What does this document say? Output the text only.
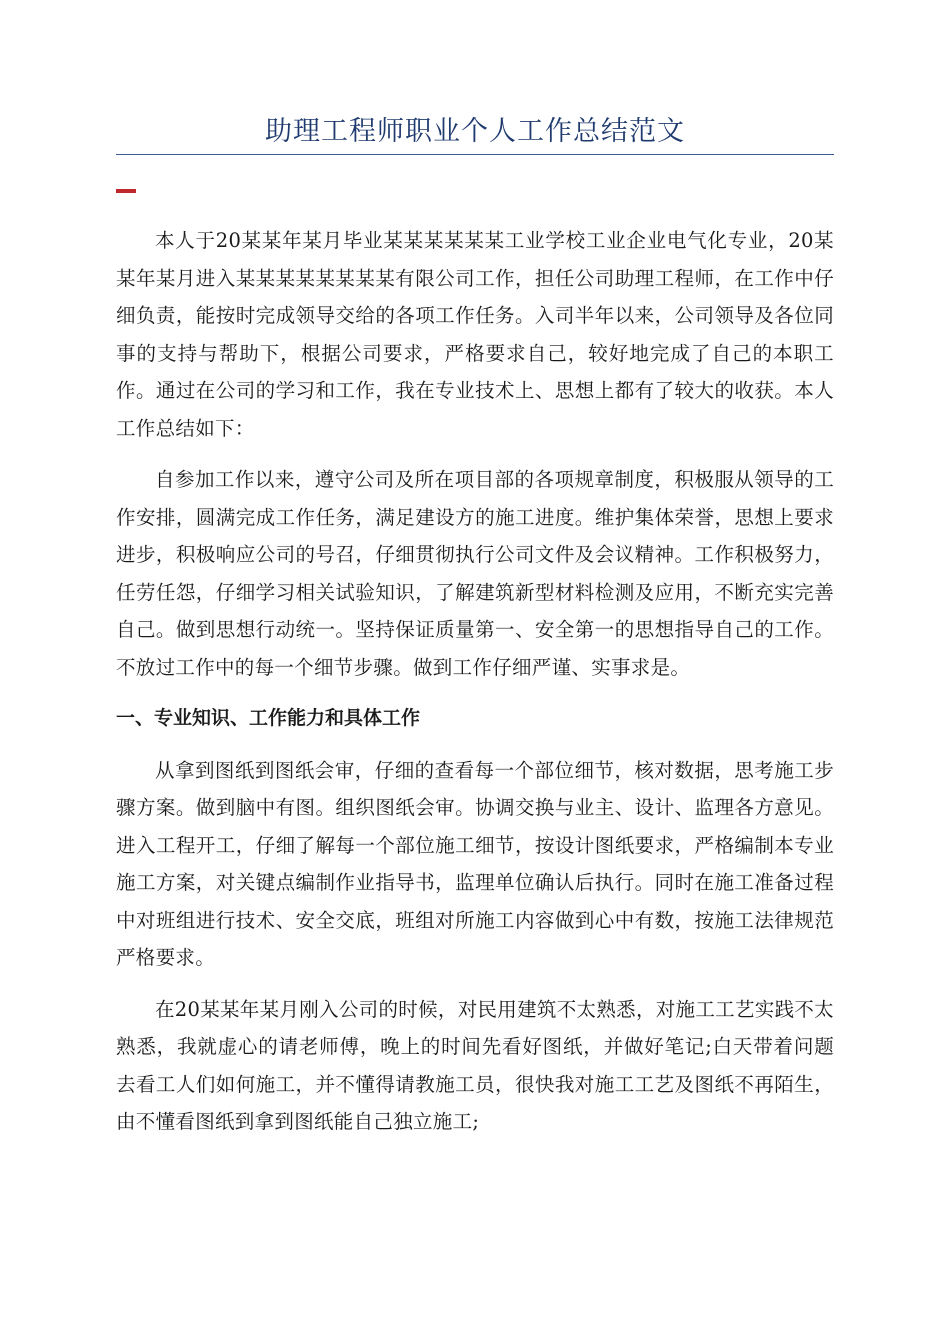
助理工程师职业个人工作总结范文

本人于20某某年某月毕业某某某某某某工业学校工业企业电气化专业，20某某年某月进入某某某某某某某某有限公司工作，担任公司助理工程师，在工作中仔细负责，能按时完成领导交给的各项工作任务。入司半年以来，公司领导及各位同事的支持与帮助下，根据公司要求，严格要求自己，较好地完成了自己的本职工作。通过在公司的学习和工作，我在专业技术上、思想上都有了较大的收获。本人工作总结如下：

自参加工作以来，遵守公司及所在项目部的各项规章制度，积极服从领导的工作安排，圆满完成工作任务，满足建设方的施工进度。维护集体荣誉，思想上要求进步，积极响应公司的号召，仔细贯彻执行公司文件及会议精神。工作积极努力，任劳任怨，仔细学习相关试验知识，了解建筑新型材料检测及应用，不断充实完善自己。做到思想行动统一。坚持保证质量第一、安全第一的思想指导自己的工作。不放过工作中的每一个细节步骤。做到工作仔细严谨、实事求是。

一、专业知识、工作能力和具体工作

从拿到图纸到图纸会审，仔细的查看每一个部位细节，核对数据，思考施工步骤方案。做到脑中有图。组织图纸会审。协调交换与业主、设计、监理各方意见。进入工程开工，仔细了解每一个部位施工细节，按设计图纸要求，严格编制本专业施工方案，对关键点编制作业指导书，监理单位确认后执行。同时在施工准备过程中对班组进行技术、安全交底，班组对所施工内容做到心中有数，按施工法律规范严格要求。

在20某某年某月刚入公司的时候，对民用建筑不太熟悉，对施工工艺实践不太熟悉，我就虚心的请老师傅，晚上的时间先看好图纸，并做好笔记;白天带着问题去看工人们如何施工，并不懂得请教施工员，很快我对施工工艺及图纸不再陌生，由不懂看图纸到拿到图纸能自己独立施工;
